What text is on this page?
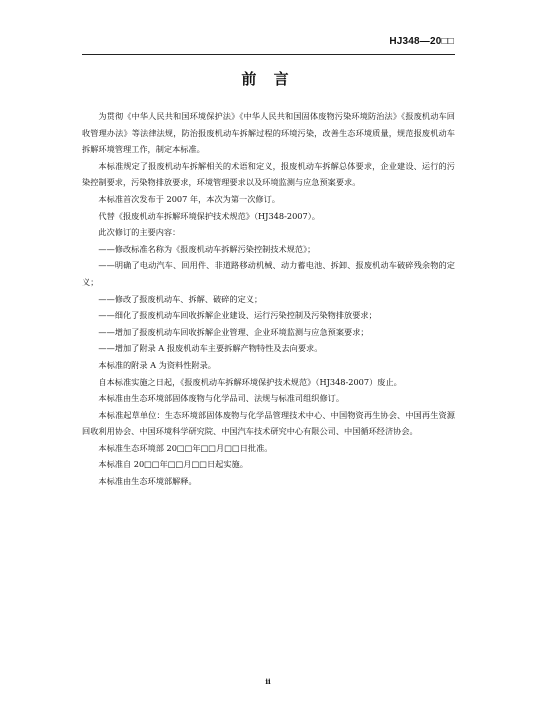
HJ348—20□□
前 言

为贯彻《中华人民共和国环境保护法》《中华人民共和国固体废物污染环境防治法》《报废机动车回收管理办法》等法律法规，防治报废机动车拆解过程的环境污染，改善生态环境质量，规范报废机动车拆解环境管理工作，制定本标准。

本标准规定了报废机动车拆解相关的术语和定义，报废机动车拆解总体要求，企业建设、运行的污染控制要求，污染物排放要求，环境管理要求以及环境监测与应急预案要求。

本标准首次发布于 2007 年，本次为第一次修订。

代替《报废机动车拆解环境保护技术规范》（HJ348-2007）。

此次修订的主要内容：

——修改标准名称为《报废机动车拆解污染控制技术规范》；

——明确了电动汽车、回用件、非道路移动机械、动力蓄电池、拆卸、报废机动车破碎残余物的定义；

——修改了报废机动车、拆解、破碎的定义；

——细化了报废机动车回收拆解企业建设、运行污染控制及污染物排放要求；

——增加了报废机动车回收拆解企业管理、企业环境监测与应急预案要求；

——增加了附录 A 报废机动车主要拆解产物特性及去向要求。

本标准的附录 A 为资料性附录。

自本标准实施之日起，《报废机动车拆解环境保护技术规范》（HJ348-2007）废止。

本标准由生态环境部固体废物与化学品司、法规与标准司组织修订。

本标准起草单位：生态环境部固体废物与化学品管理技术中心、中国物资再生协会、中国再生资源回收利用协会、中国环境科学研究院、中国汽车技术研究中心有限公司、中国循环经济协会。

本标准生态环境部 20□□年□□月□□日批准。

本标准自 20□□年□□月□□日起实施。

本标准由生态环境部解释。

ii
